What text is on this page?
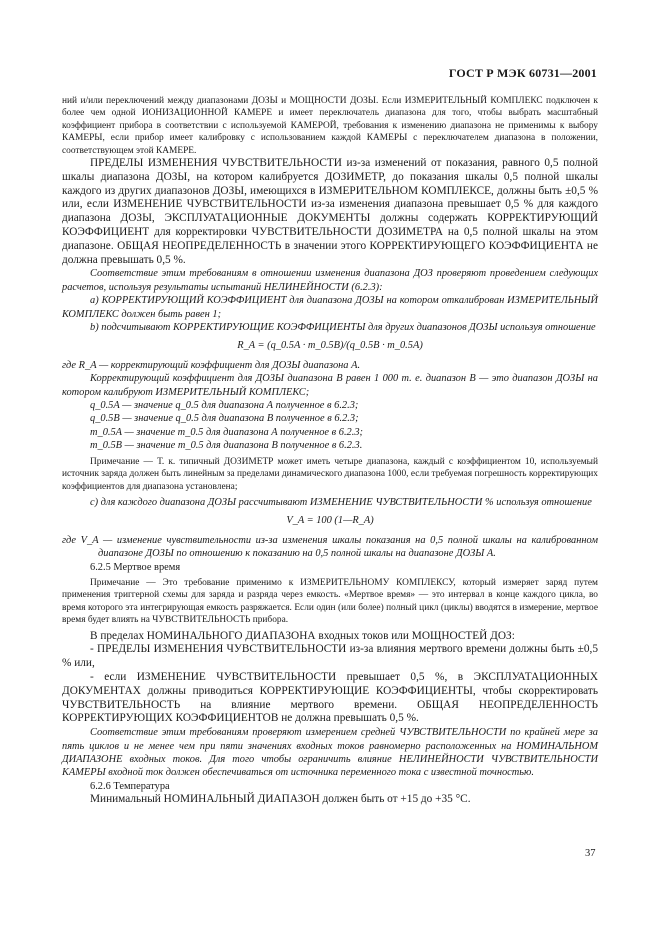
ГОСТ Р МЭК 60731—2001

ний и/или переключений между диапазонами ДОЗЫ и МОЩНОСТИ ДОЗЫ. Если ИЗМЕРИТЕЛЬНЫЙ КОМПЛЕКС подключен к более чем одной ИОНИЗАЦИОННОЙ КАМЕРЕ и имеет переключатель диапазона для того, чтобы выбрать масштабный коэффициент прибора в соответствии с используемой КАМЕРОЙ, требования к изменению диапазона не применимы к выбору КАМЕРЫ, если прибор имеет калибровку с использованием каждой КАМЕРЫ с переключателем диапазона в положении, соответствующем этой КАМЕРЕ.

ПРЕДЕЛЫ ИЗМЕНЕНИЯ ЧУВСТВИТЕЛЬНОСТИ из-за изменений от показания, равного 0,5 полной шкалы диапазона ДОЗЫ, на котором калибруется ДОЗИМЕТР, до показания шкалы 0,5 полной шкалы каждого из других диапазонов ДОЗЫ, имеющихся в ИЗМЕРИТЕЛЬНОМ КОМПЛЕКСЕ, должны быть ±0,5 % или, если ИЗМЕНЕНИЕ ЧУВСТВИТЕЛЬНОСТИ из-за изменения диапазона превышает 0,5 % для каждого диапазона ДОЗЫ, ЭКСПЛУАТАЦИОННЫЕ ДОКУМЕНТЫ должны содержать КОРРЕКТИРУЮЩИЙ КОЭФФИЦИЕНТ для корректировки ЧУВСТВИТЕЛЬНОСТИ ДОЗИМЕТРА на 0,5 полной шкалы на этом диапазоне. ОБЩАЯ НЕОПРЕДЕЛЕННОСТЬ в значении этого КОРРЕКТИРУЮЩЕГО КОЭФФИЦИЕНТА не должна превышать 0,5 %.

Соответствие этим требованиям в отношении изменения диапазона ДОЗ проверяют проведением следующих расчетов, используя результаты испытаний НЕЛИНЕЙНОСТИ (6.2.3):

а) КОРРЕКТИРУЮЩИЙ КОЭФФИЦИЕНТ для диапазона ДОЗЫ на котором откалиброван ИЗМЕРИТЕЛЬНЫЙ КОМПЛЕКС должен быть равен 1;

b) подсчитывают КОРРЕКТИРУЮЩИЕ КОЭФФИЦИЕНТЫ для других диапазонов ДОЗЫ используя отношение

R_A = (q_0.5A · m_0.5B)/(q_0.5B · m_0.5A)

где R_A — корректирующий коэффициент для ДОЗЫ диапазона А.

Корректирующий коэффициент для ДОЗЫ диапазона В равен 1 000 т. е. диапазон В — это диапазон ДОЗЫ на котором калибруют ИЗМЕРИТЕЛЬНЫЙ КОМПЛЕКС;

q_0.5A — значение q_0.5 для диапазона А полученное в 6.2.3;

q_0.5B — значение q_0.5 для диапазона В полученное в 6.2.3;

m_0.5A — значение m_0.5 для диапазона А полученное в 6.2.3;

m_0.5B — значение m_0.5 для диапазона В полученное в 6.2.3.

Примечание — Т. к. типичный ДОЗИМЕТР может иметь четыре диапазона, каждый с коэффициентом 10, используемый источник заряда должен быть линейным за пределами динамического диапазона 1000, если требуемая погрешность корректирующих коэффициентов для диапазона установлена;

с) для каждого диапазона ДОЗЫ рассчитывают ИЗМЕНЕНИЕ ЧУВСТВИТЕЛЬНОСТИ % используя отношение

V_A = 100 (1—R_A)

где V_A — изменение чувствительности из-за изменения шкалы показания на 0,5 полной шкалы на калиброванном диапазоне ДОЗЫ по отношению к показанию на 0,5 полной шкалы на диапазоне ДОЗЫ А.

6.2.5 Мертвое время

Примечание — Это требование применимо к ИЗМЕРИТЕЛЬНОМУ КОМПЛЕКСУ, который измеряет заряд путем применения триггерной схемы для заряда и разряда через емкость. «Мертвое время» — это интервал в конце каждого цикла, во время которого эта интегрирующая емкость разряжается. Если один (или более) полный цикл (циклы) вводятся в измерение, мертвое время будет влиять на ЧУВСТВИТЕЛЬНОСТЬ прибора.

В пределах НОМИНАЛЬНОГО ДИАПАЗОНА входных токов или МОЩНОСТЕЙ ДОЗ:

- ПРЕДЕЛЫ ИЗМЕНЕНИЯ ЧУВСТВИТЕЛЬНОСТИ из-за влияния мертвого времени должны быть ±0,5 % или,

- если ИЗМЕНЕНИЕ ЧУВСТВИТЕЛЬНОСТИ превышает 0,5 %, в ЭКСПЛУАТАЦИОННЫХ ДОКУМЕНТАХ должны приводиться КОРРЕКТИРУЮЩИЕ КОЭФФИЦИЕНТЫ, чтобы скорректировать ЧУВСТВИТЕЛЬНОСТЬ на влияние мертвого времени. ОБЩАЯ НЕОПРЕДЕЛЕННОСТЬ КОРРЕКТИРУЮЩИХ КОЭФФИЦИЕНТОВ не должна превышать 0,5 %.

Соответствие этим требованиям проверяют измерением средней ЧУВСТВИТЕЛЬНОСТИ по крайней мере за пять циклов и не менее чем при пяти значениях входных токов равномерно расположенных на НОМИНАЛЬНОМ ДИАПАЗОНЕ входных токов. Для того чтобы ограничить влияние НЕЛИНЕЙНОСТИ ЧУВСТВИТЕЛЬНОСТИ КАМЕРЫ входной ток должен обеспечиваться от источника переменного тока с известной точностью.

6.2.6 Температура

Минимальный НОМИНАЛЬНЫЙ ДИАПАЗОН должен быть от +15 до +35 °С.

37
